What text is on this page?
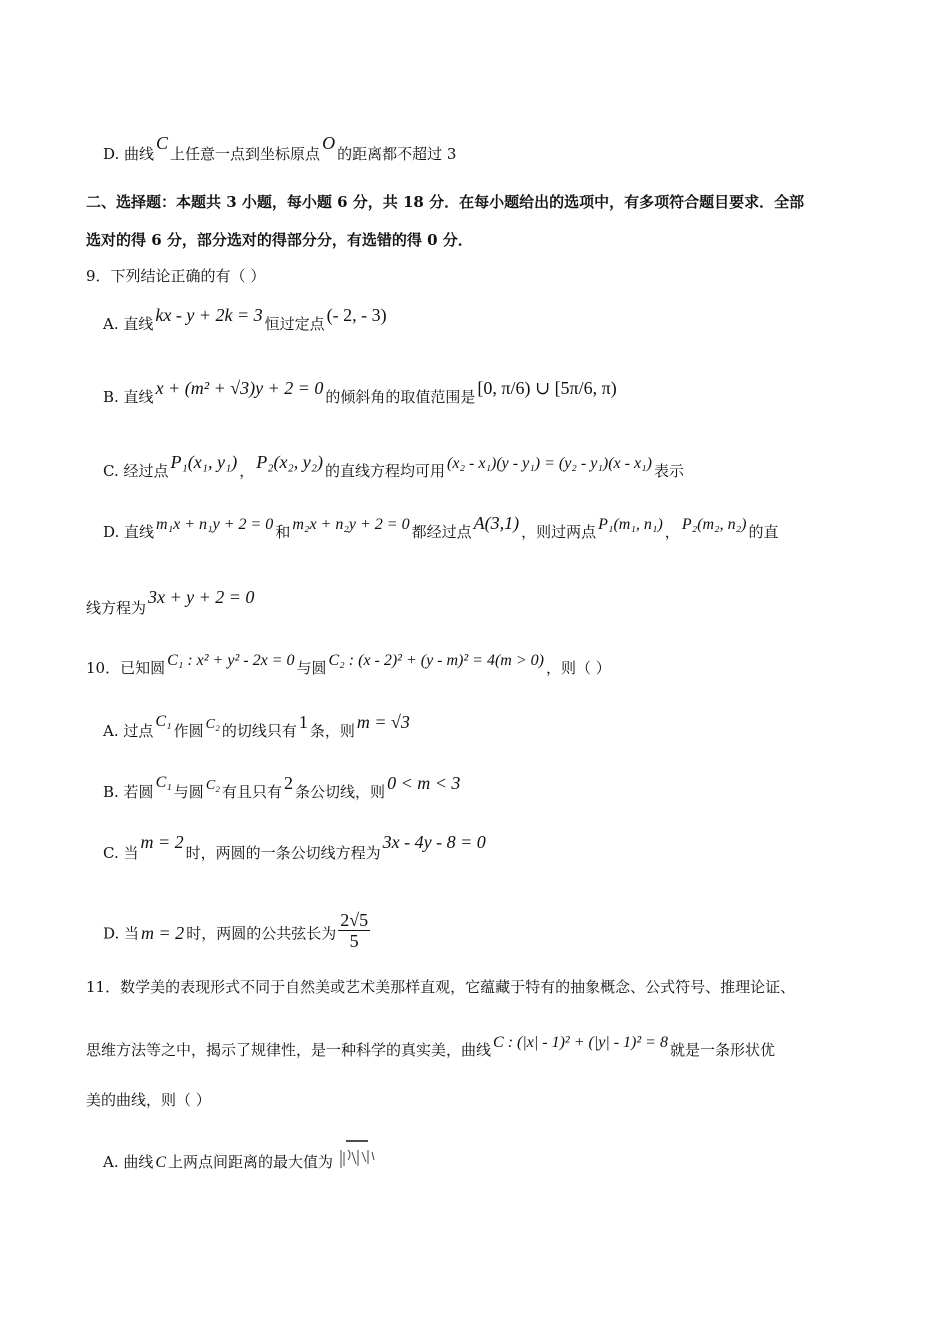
D. 曲线C上任意一点到坐标原点O的距离都不超过 3
二、选择题：本题共 3 小题，每小题 6 分，共 18 分．在每小题给出的选项中，有多项符合题目要求．全部
选对的得 6 分，部分选对的得部分分，有选错的得 0 分．
9．下列结论正确的有（ ）
A. 直线 kx - y + 2k = 3 恒过定点 (- 2, - 3)
B. 直线 x + (m² + √3)y + 2 = 0 的倾斜角的取值范围是 [0, π/6) ∪ [5π/6, π)
C. 经过点 P₁(x₁, y₁) ， P₂(x₂, y₂) 的直线方程均可用 (x₂ - x₁)(y - y₁) = (y₂ - y₁)(x - x₁) 表示
D. 直线 m₁x + n₁y + 2 = 0 和 m₂x + n₂y + 2 = 0 都经过点 A(3,1) ，则过两点 P₁(m₁, n₁) ， P₂(m₂, n₂) 的直
线方程为3x + y + 2 = 0
10．已知圆 C₁ : x² + y² - 2x = 0 与圆 C₂ : (x - 2)² + (y - m)² = 4(m > 0) ，则（ ）
A. 过点C₁作圆 C₂ 的切线只有 1 条，则 m = √3
B. 若圆C₁与圆 C₂ 有且只有 2 条公切线，则 0 < m < 3
C. 当m = 2时，两圆的一条公切线方程为3x - 4y - 8 = 0
D. 当 m = 2 时，两圆的公共弦长为 $\frac{2√5}{5}$
11．数学美的表现形式不同于自然美或艺术美那样直观，它蕴藏于特有的抽象概念、公式符号、推理论证、
思维方法等之中，揭示了规律性，是一种科学的真实美，曲线 C : (|x| - 1)² + (|y| - 1)² = 8 就是一条形状优
美的曲线，则（ ）
A. 曲线 C 上两点间距离的最大值为
